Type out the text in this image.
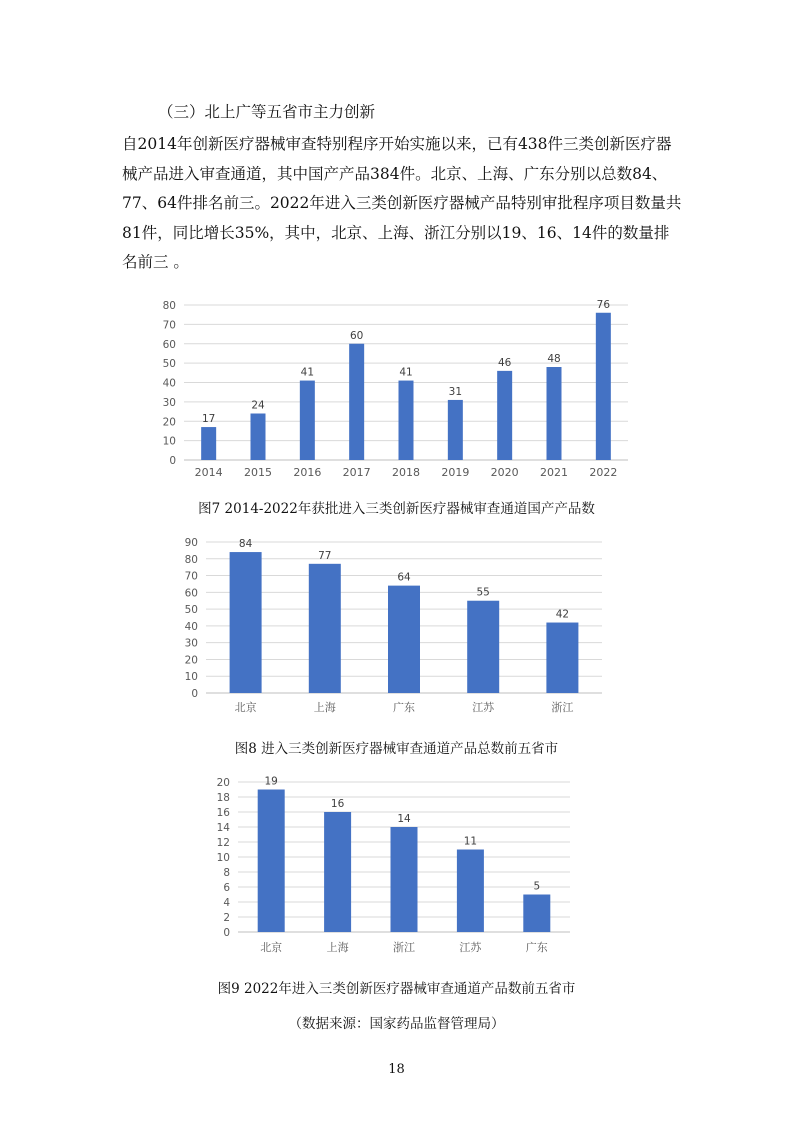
（三）北上广等五省市主力创新

自2014年创新医疗器械审查特别程序开始实施以来，已有438件三类创新医疗器械产品进入审查通道，其中国产产品384件。北京、上海、广东分别以总数84、77、64件排名前三。2022年进入三类创新医疗器械产品特别审批程序项目数量共81件，同比增长35%，其中，北京、上海、浙江分别以19、16、14件的数量排名前三 。

0
10
20
30
40
50
60
70
80
17
2014
24
2015
41
2016
60
2017
41
2018
31
2019
46
2020
48
2021
76
2022

图7 2014-2022年获批进入三类创新医疗器械审查通道国产产品数

0
10
20
30
40
50
60
70
80
90	84
北京
77
上海
64
广东
55
江苏
42
浙江

图8 进入三类创新医疗器械审查通道产品总数前五省市

0
2
4
6
8
10
12
14
16
18
20	19
北京
16
上海
14
浙江
11
江苏
5
广东

图9 2022年进入三类创新医疗器械审查通道产品数前五省市

（数据来源：国家药品监督管理局）

18
